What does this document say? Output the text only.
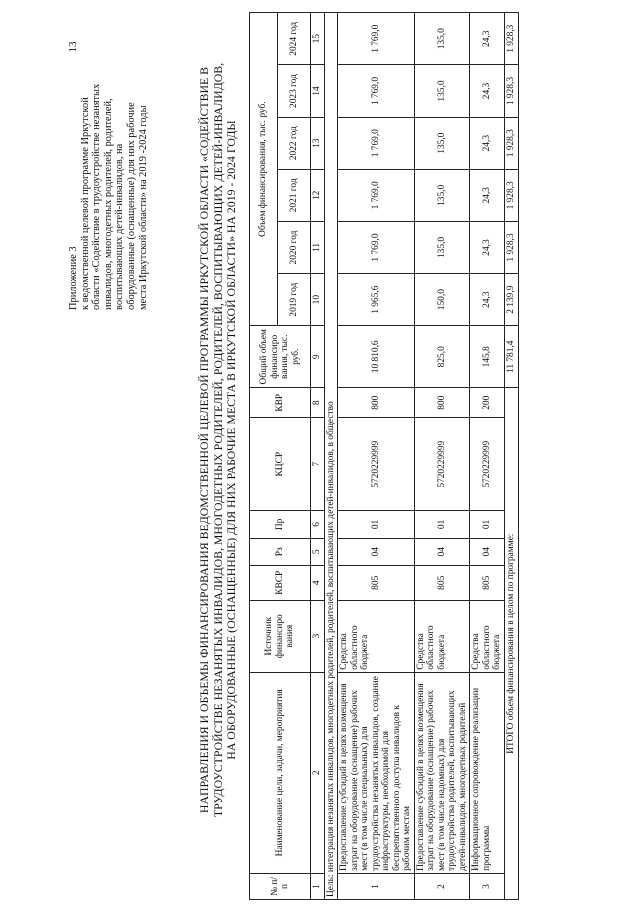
13
Приложение 3 к ведомственной целевой программе Иркутской области «Содействие в трудоустройстве незанятых инвалидов, многодетных родителей, родителей, воспитывающих детей-инвалидов, на оборудованные (оснащенные) для них рабочие места Иркутской области» на 2019 -2024 годы	НАПРАВЛЕНИЯ И ОБЪЕМЫ ФИНАНСИРОВАНИЯ ВЕДОМСТВЕННОЙ ЦЕЛЕВОЙ ПРОГРАММЫ ИРКУТСКОЙ ОБЛАСТИ «СОДЕЙСТВИЕ В ТРУДОУСТРОЙСТВЕ НЕЗАНЯТЫХ ИНВАЛИДОВ, МНОГОДЕТНЫХ РОДИТЕЛЕЙ, РОДИТЕЛЕЙ, ВОСПИТЫВАЮЩИХ ДЕТЕЙ-ИНВАЛИДОВ, НА ОБОРУДОВАННЫЕ (ОСНАЩЕННЫЕ) ДЛЯ НИХ РАБОЧИЕ МЕСТА В ИРКУТСКОЙ ОБЛАСТИ» НА 2019 - 2024 ГОДЫ
№ п/п	Наименование цели, задачи, мероприятия	Источник финансиро вания	КВСР	Рз	Пр	КЦСР	КВР	Общий объем финансиро вания, тыс. руб.	Объем финансирования, тыс. руб.					
									2019 год	2020 год	2021 год	2022 год	2023 год	2024 год
1	2	3	4	5	6	7	8	9	10	11	12	13	14	15
Цель: интеграция незанятых инвалидов, многодетных родителей, родителей, воспитывающих детей-инвалидов, в общество														
1	Предоставление субсидий в целях возмещения затрат на оборудование (оснащение) рабочих мест (в том числе специальных) для трудоустройства незанятых инвалидов, создание инфраструктуры, необходимой для беспрепятственного доступа инвалидов к рабочим местам	Средства областного бюджета	805	04	01	5720229999	800	10 810,6	1 965,6	1 769,0	1 769,0	1 769,0	1 769,0	1 769,0
2	Предоставление субсидий в целях возмещения затрат на оборудование (оснащение) рабочих мест (в том числе надомных) для трудоустройства родителей, воспитывающих детей-инвалидов, многодетных родителей	Средства областного бюджета	805	04	01	5720229999	800	825,0	150,0	135,0	135,0	135,0	135,0	135,0
3	Информационное сопровождение реализации программы	Средства областного бюджета	805	04	01	5720229999	200	145,8	24,3	24,3	24,3	24,3	24,3	24,3
ИТОГО объем финансирования в целом по программе:								11 781,4	2 139,9	1 928,3	1 928,3	1 928,3	1 928,3	1 928,3
